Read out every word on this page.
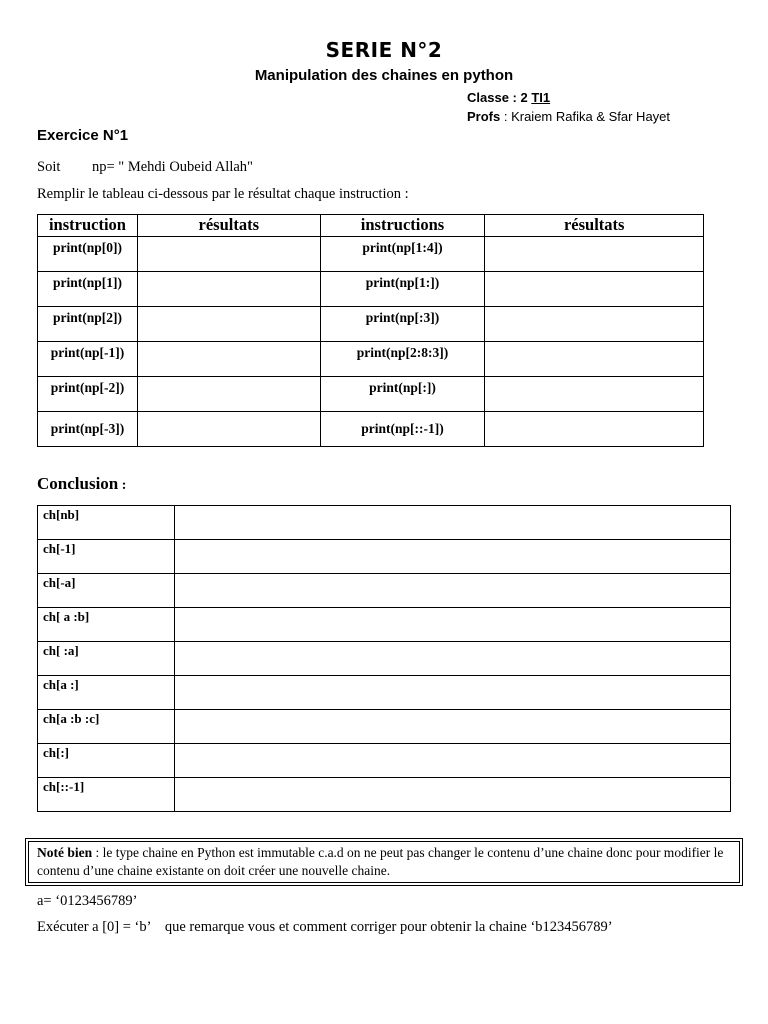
SERIE N°2
Manipulation des chaines en python
Classe : 2 TI1
Profs : Kraiem Rafika & Sfar Hayet
Exercice N°1
Soit np= " Mehdi Oubeid Allah"
Remplir le tableau ci-dessous par le résultat chaque instruction :
instruction	résultats	instructions	résultats
print(np[0])		print(np[1:4])	
print(np[1])		print(np[1:])	
print(np[2])		print(np[:3])	
print(np[-1])		print(np[2:8:3])	
print(np[-2])		print(np[:])	
print(np[-3])		print(np[::-1])	
Conclusion :
ch[nb]	
ch[-1]	
ch[-a]	
ch[ a :b]	
ch[ :a]	
ch[a :]	
ch[a :b :c]	
ch[:]	
ch[::-1]	
Noté bien : le type chaine en Python est immutable c.a.d on ne peut pas changer le contenu d’une chaine donc pour modifier le contenu d’une chaine existante on doit créer une nouvelle chaine.
a= ‘0123456789’
Exécuter a [0] = ‘b’    que remarque vous et comment corriger pour obtenir la chaine ‘b123456789’
